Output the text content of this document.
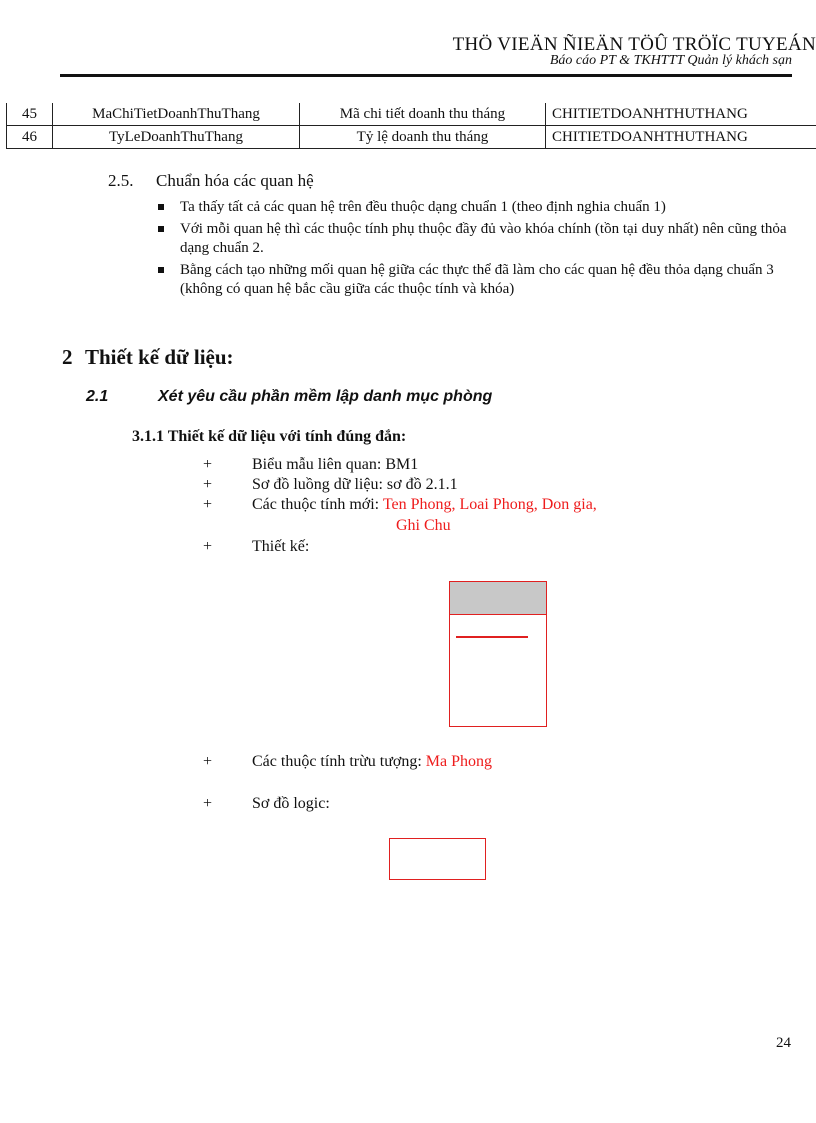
THÖ VIEÄN ÑIEÄN TÖÛ TRÖÏC TUYEÁN
Báo cáo PT & TKHTTT Quản lý khách sạn
45	MaChiTietDoanhThuThang	Mã chi tiết doanh thu tháng	CHITIETDOANHTHUTHANG
46	TyLeDoanhThuThang	Tỷ lệ doanh thu tháng	CHITIETDOANHTHUTHANG
2.5. Chuẩn hóa các quan hệ
Ta thấy tất cả các quan hệ trên đều thuộc dạng chuẩn 1 (theo định nghia chuẩn 1)
Với mỗi quan hệ thì các thuộc tính phụ thuộc đầy đủ vào khóa chính (tồn tại duy nhất) nên cũng thỏa dạng chuẩn 2.
Bằng cách tạo những mối quan hệ giữa các thực thể đã làm cho các quan hệ đều thỏa dạng chuẩn 3 (không có quan hệ bắc cầu giữa các thuộc tính và khóa)
2 Thiết kế dữ liệu:
2.1	Xét yêu cầu phần mềm lập danh mục phòng
3.1.1 Thiết kế dữ liệu với tính đúng đắn:
+ Biểu mẫu liên quan: BM1
+ Sơ đồ luồng dữ liệu: sơ đồ 2.1.1
+ Các thuộc tính mới: Ten Phong, Loai Phong, Don gia,
Ghi Chu
+ Thiết kế:
+ Các thuộc tính trừu tượng: Ma Phong
+ Sơ đồ logic:
24
